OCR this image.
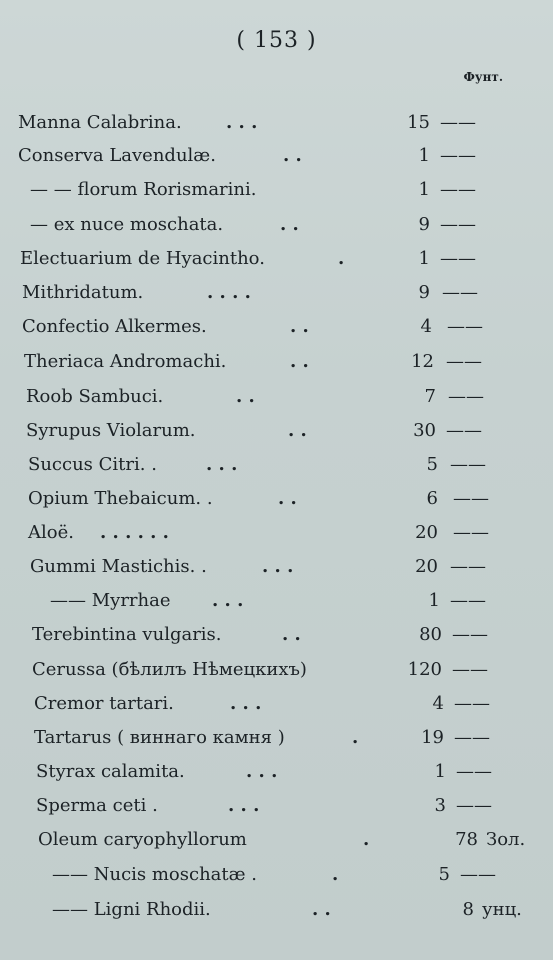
( 153 )
Фунт.
Manna Calabrina. . . .	15 ——
Conserva Lavendulæ.	. .	1 ——
— — florum Rorismarini.	1 ——
— ex nuce moschata.	. .	9 ——
Electuarium de Hyacintho.	.	1 ——
Mithridatum.	. . . .	9 ——
Confectio Alkermes.	. .	4 ——
Theriaca Andromachi.	. .	12 ——
Roob Sambuci.	. .	7 ——
Syrupus Violarum.	. .	30 ——
Succus Citri. .	. . .	5 ——
Opium Thebaicum. .	. .	6 ——
Aloë. . . . . . .	20 ——
Gummi Mastichis. .	. . .	20 ——
—— Myrrhae . . .	1 ——
Terebintina vulgaris.	. .	80 ——
Cerussa (бѣлилъ Нѣмецкихъ)	120 ——
Cremor tartari.	. . .	4 ——
Tartarus ( виннаго камня )	.	19 ——
Styrax calamita.	. . .	1 ——
Sperma ceti .	. . .	3 ——
Oleum caryophyllorum	.	78 Зол.
—— Nucis moschatæ .	.	5 ——
—— Ligni Rhodii.	. .	8 унц.
